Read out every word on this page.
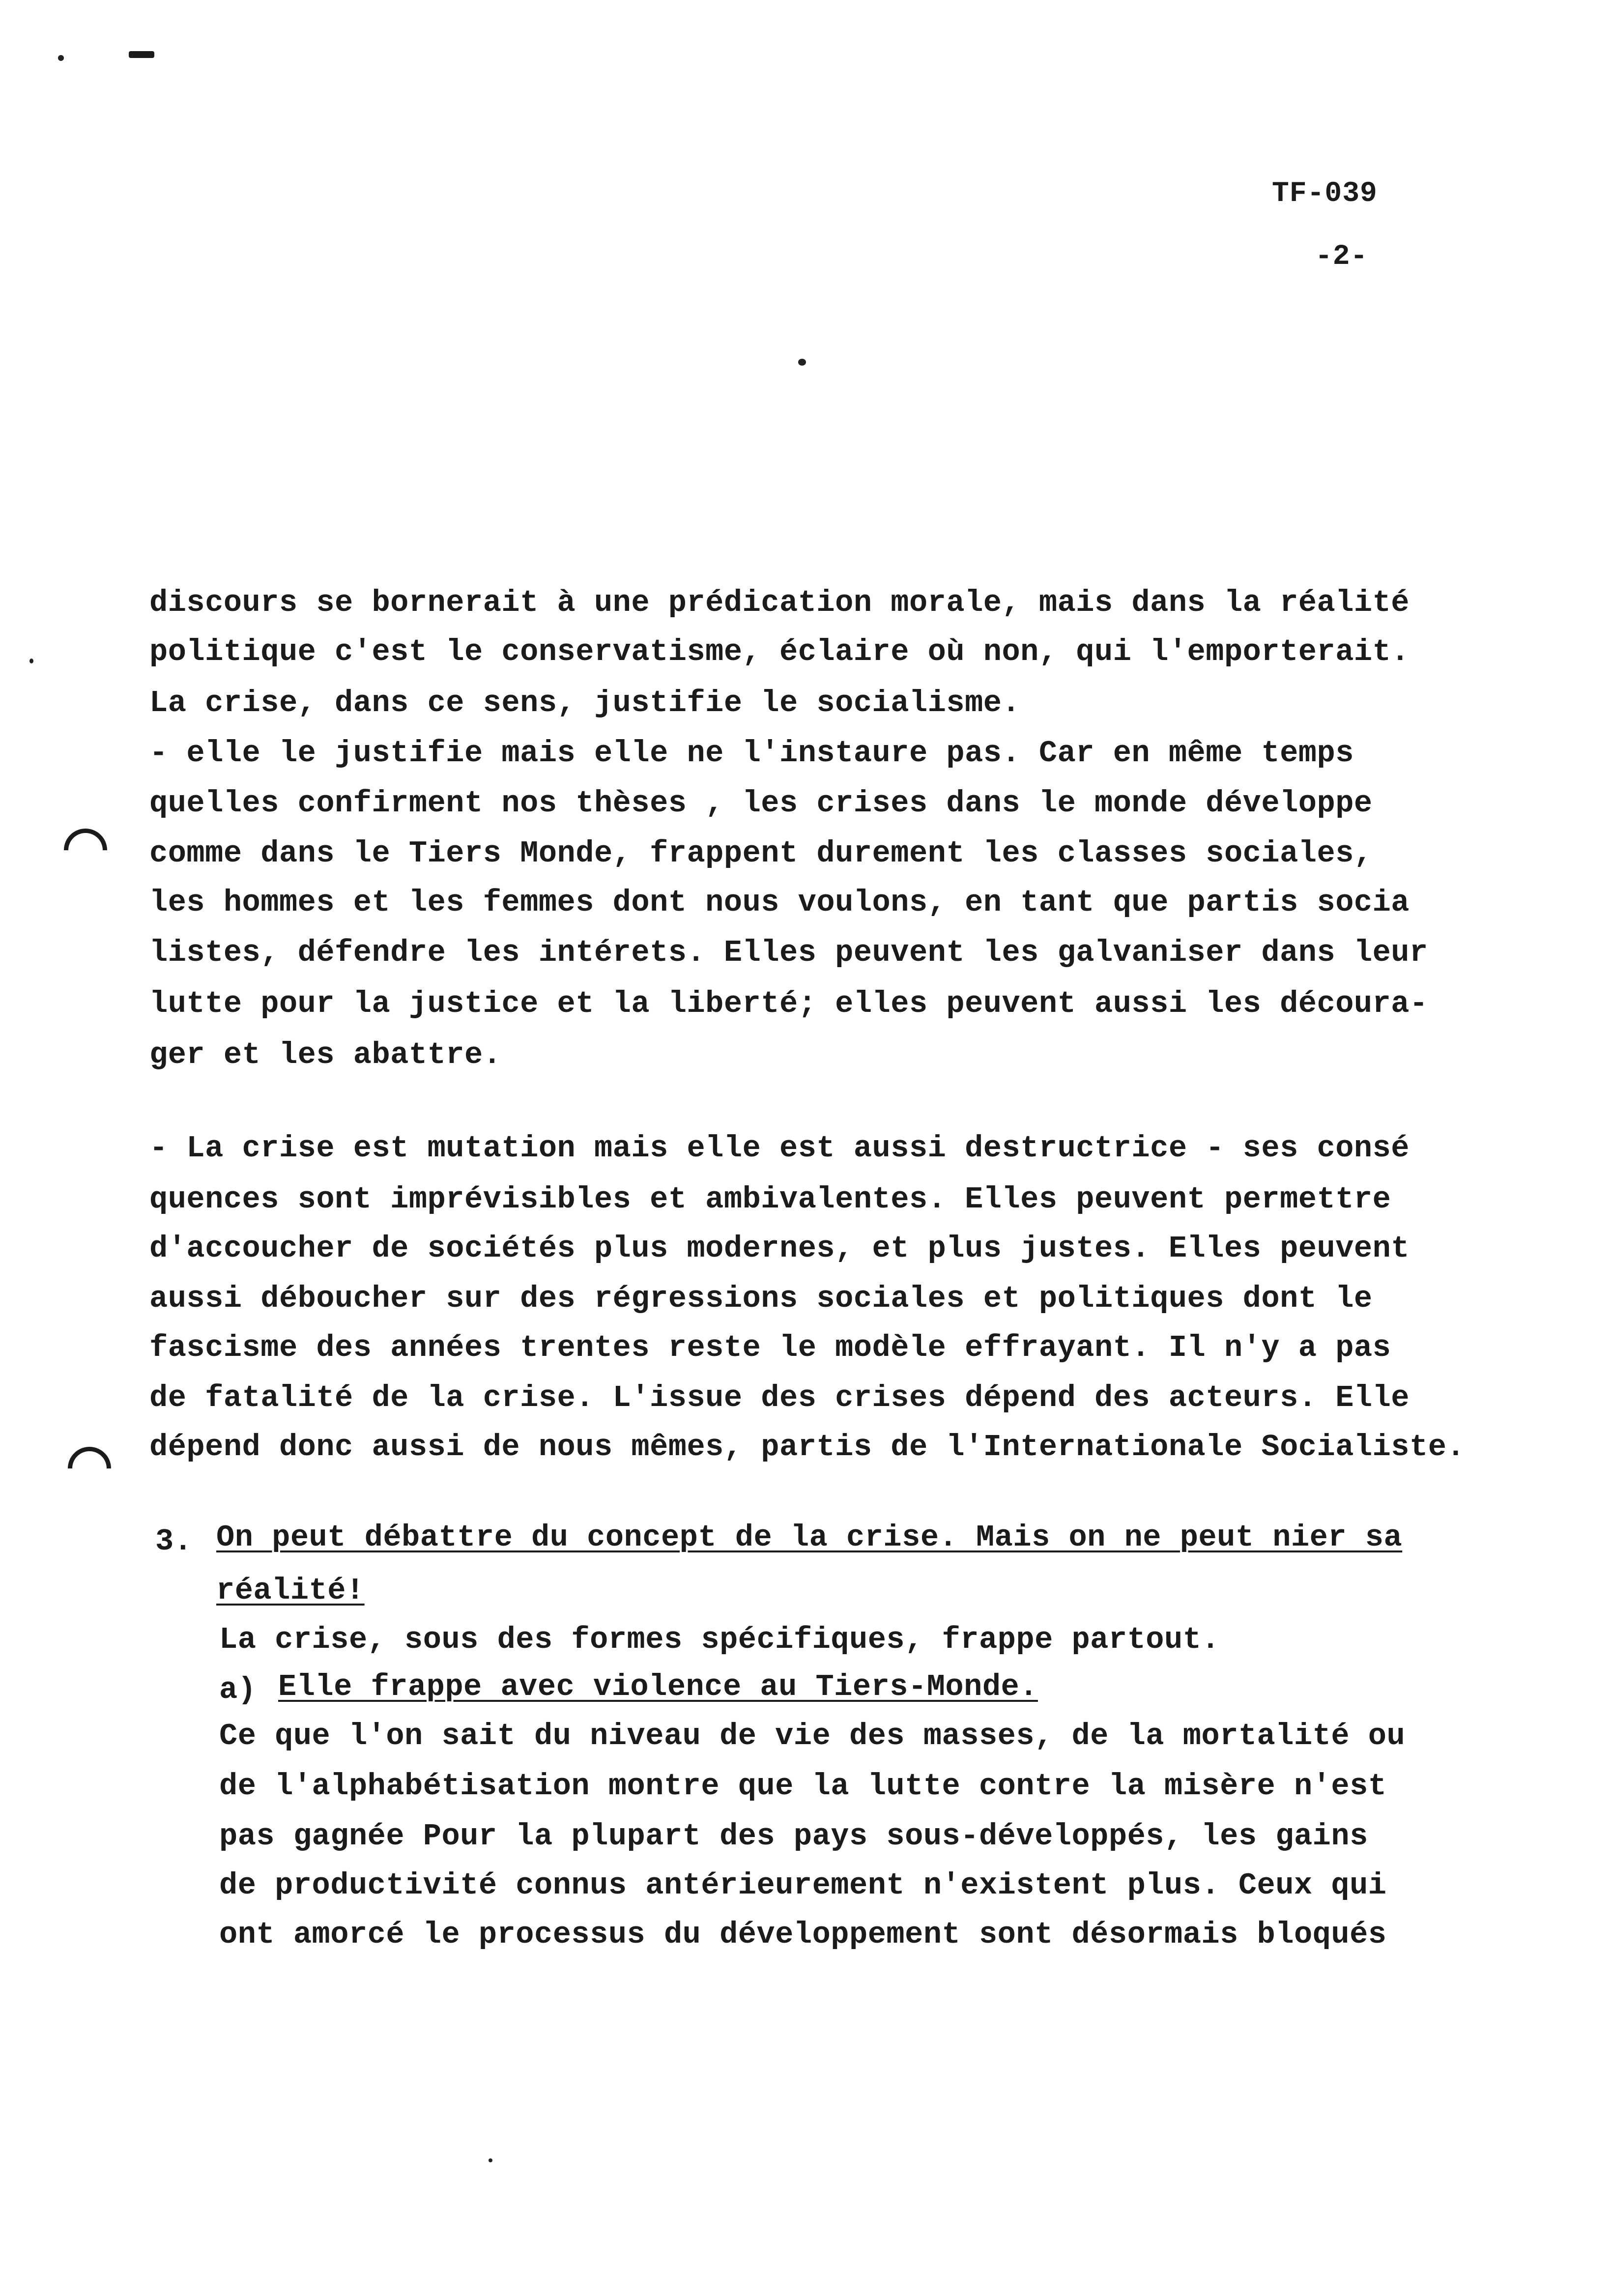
TF-039
-2-
discours se bornerait à une prédication morale, mais dans la réalité
politique c'est le conservatisme, éclaire où non, qui l'emporterait.
La crise, dans ce sens, justifie le socialisme.
- elle le justifie mais elle ne l'instaure pas. Car en même temps
quelles confirment nos thèses , les crises dans le monde développe
comme dans le Tiers Monde, frappent durement les classes sociales,
les hommes et les femmes dont nous voulons, en tant que partis socia
listes, défendre les intérets. Elles peuvent les galvaniser dans leur
lutte pour la justice et la liberté; elles peuvent aussi les découra-
ger et les abattre.
- La crise est mutation mais elle est aussi destructrice - ses consé
quences sont imprévisibles et ambivalentes. Elles peuvent permettre
d'accoucher de sociétés plus modernes, et plus justes. Elles peuvent
aussi déboucher sur des régressions sociales et politiques dont le
fascisme des années trentes reste le modèle effrayant. Il n'y a pas
de fatalité de la crise. L'issue des crises dépend des acteurs. Elle
dépend donc aussi de nous mêmes, partis de l'Internationale Socialiste.
3. On peut débattre du concept de la crise. Mais on ne peut nier sa
réalité!
La crise, sous des formes spécifiques, frappe partout.
a) Elle frappe avec violence au Tiers-Monde.
Ce que l'on sait du niveau de vie des masses, de la mortalité ou
de l'alphabétisation montre que la lutte contre la misère n'est
pas gagnée Pour la plupart des pays sous-développés, les gains
de productivité connus antérieurement n'existent plus. Ceux qui
ont amorcé le processus du développement sont désormais bloqués
